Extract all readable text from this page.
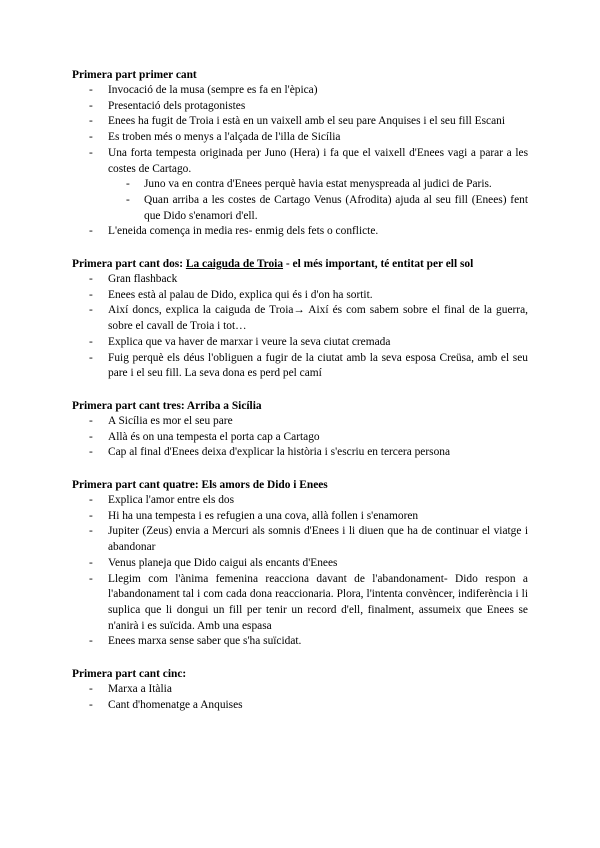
Primera part primer cant
- Invocació de la musa (sempre es fa en l'èpica)
- Presentació dels protagonistes
- Enees ha fugit de Troia i està en un vaixell amb el seu pare Anquises i el seu fill Escani
- Es troben més o menys a l'alçada de l'illa de Sicília
- Una forta tempesta originada per Juno (Hera) i fa que el vaixell d'Enees vagi a parar a les costes de Cartago.
- Juno va en contra d'Enees perquè havia estat menyspreada al judici de Paris.
- Quan arriba a les costes de Cartago Venus (Afrodita) ajuda al seu fill (Enees) fent que Dido s'enamori d'ell.
- L'eneida comença in media res- enmig dels fets o conflicte.
Primera part cant dos: La caiguda de Troia - el més important, té entitat per ell sol
- Gran flashback
- Enees està al palau de Dido, explica qui és i d'on ha sortit.
- Així doncs, explica la caiguda de Troia→ Així és com sabem sobre el final de la guerra, sobre el cavall de Troia i tot…
- Explica que va haver de marxar i veure la seva ciutat cremada
- Fuig perquè els déus l'obliguen a fugir de la ciutat amb la seva esposa Creüsa, amb el seu pare i el seu fill. La seva dona es perd pel camí
Primera part cant tres: Arriba a Sicília
- A Sicília es mor el seu pare
- Allà és on una tempesta el porta cap a Cartago
- Cap al final d'Enees deixa d'explicar la història i s'escriu en tercera persona
Primera part cant quatre: Els amors de Dido i Enees
- Explica l'amor entre els dos
- Hi ha una tempesta i es refugien a una cova, allà follen i s'enamoren
- Jupiter (Zeus) envia a Mercuri als somnis d'Enees i li diuen que ha de continuar el viatge i abandonar
- Venus planeja que Dido caigui als encants d'Enees
- Llegim com l'ànima femenina reacciona davant de l'abandonament- Dido respon a l'abandonament tal i com cada dona reaccionaria. Plora, l'intenta convèncer, indiferència i li suplica que li dongui un fill per tenir un record d'ell, finalment, assumeix que Enees se n'anirà i es suïcida. Amb una espasa
- Enees marxa sense saber que s'ha suïcidat.
Primera part cant cinc:
- Marxa a Itàlia
- Cant d'homenatge a Anquises
